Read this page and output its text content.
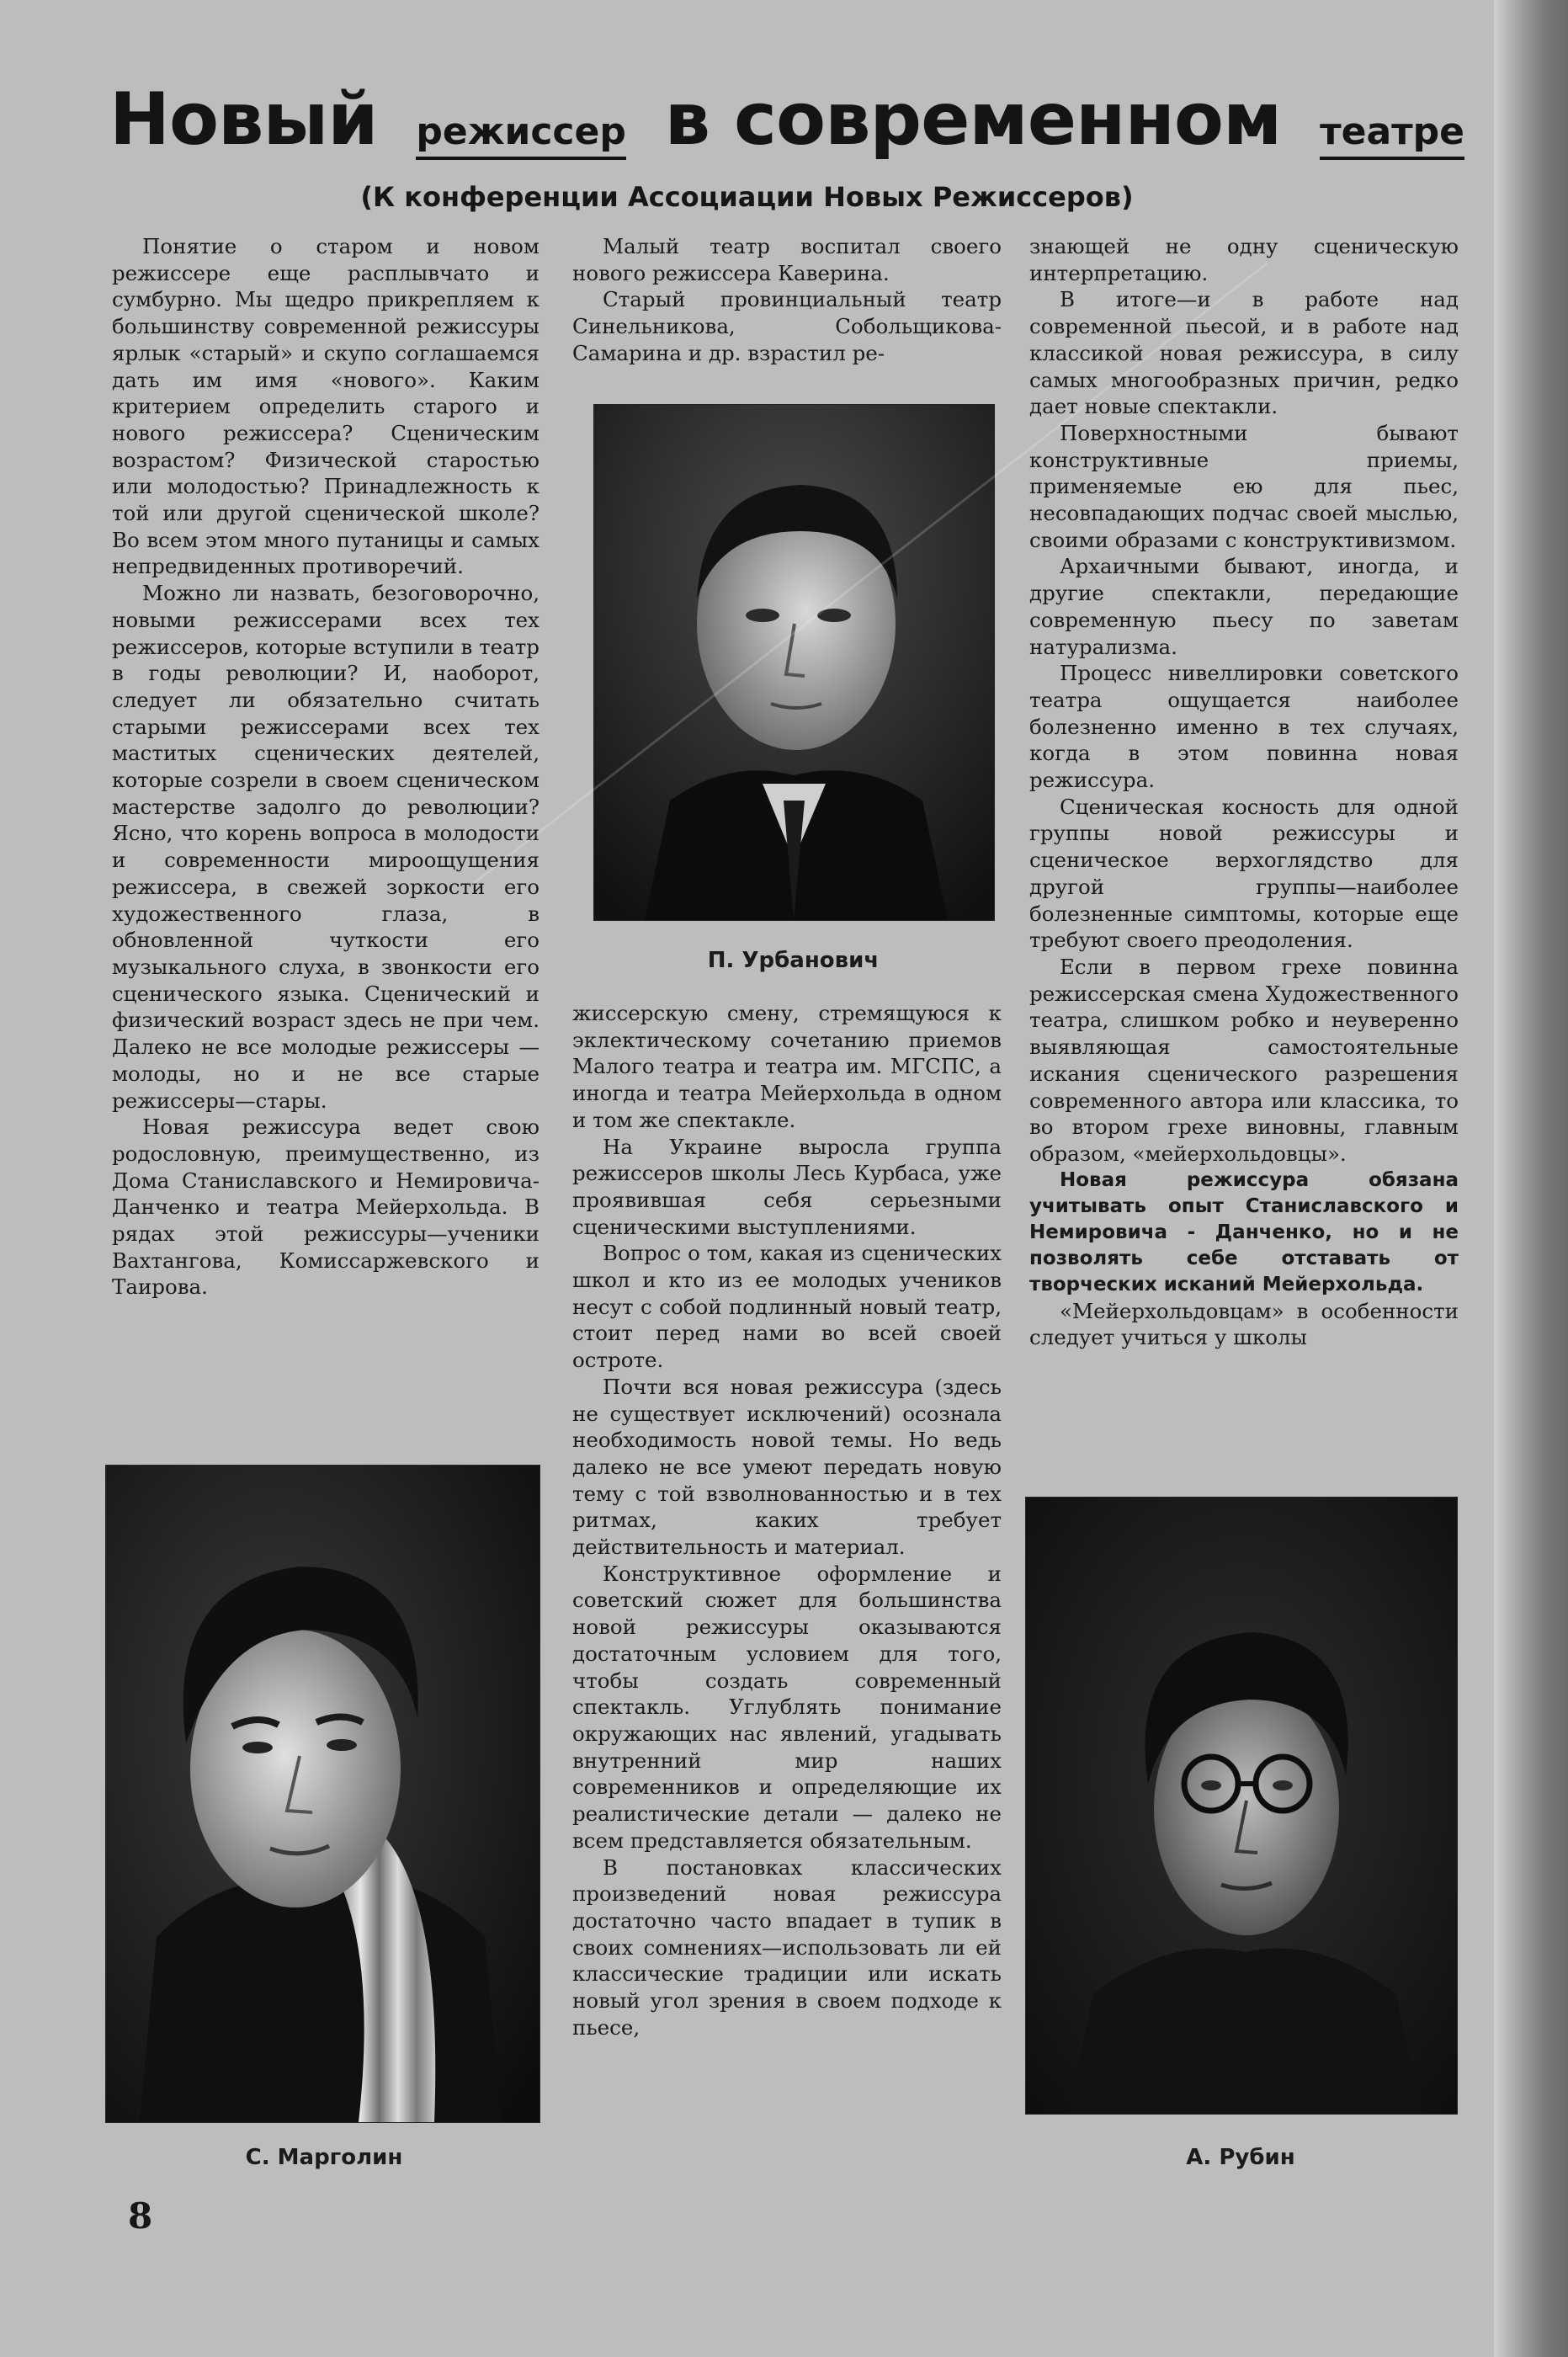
Новый режиссер в современном театре
(К конференции Ассоциации Новых Режиссеров)

Понятие о старом и новом режиссере еще расплывчато и сумбурно. Мы щедро прикрепляем к большинству современной режиссуры ярлык «старый» и скупо соглашаемся дать им имя «нового». Каким критерием определить старого и нового режиссера? Сценическим возрастом? Физической старостью или молодостью? Принадлежность к той или другой сценической школе? Во всем этом много путаницы и самых непредвиденных противоречий.

Можно ли назвать, безоговорочно, новыми режиссерами всех тех режиссеров, которые вступили в театр в годы революции? И, наоборот, следует ли обязательно считать старыми режиссерами всех тех маститых сценических деятелей, которые созрели в своем сценическом мастерстве задолго до революции? Ясно, что корень вопроса в молодости и современности мироощущения режиссера, в свежей зоркости его художественного глаза, в обновленной чуткости его музыкального слуха, в звонкости его сценического языка. Сценический и физический возраст здесь не при чем. Далеко не все молодые режиссеры — молоды, но и не все старые режиссеры—стары.

Новая режиссура ведет свою родословную, преимущественно, из Дома Станиславского и Немировича-Данченко и театра Мейерхольда. В рядах этой режиссуры—ученики Вахтангова, Комиссаржевского и Таирова.

Малый театр воспитал своего нового режиссера Каверина.

Старый провинциальный театр Синельникова, Собольщикова-Самарина и др. взрастил ре-

П. Урбанович

жиссерскую смену, стремящуюся к эклектическому сочетанию приемов Малого театра и театра им. МГСПС, а иногда и театра Мейерхольда в одном и том же спектакле.

На Украине выросла группа режиссеров школы Лесь Курбаса, уже проявившая себя серьезными сценическими выступлениями.

Вопрос о том, какая из сценических школ и кто из ее молодых учеников несут с собой подлинный новый театр, стоит перед нами во всей своей остроте.

Почти вся новая режиссура (здесь не существует исключений) осознала необходимость новой темы. Но ведь далеко не все умеют передать новую тему с той взволнованностью и в тех ритмах, каких требует действительность и материал.

Конструктивное оформление и советский сюжет для большинства новой режиссуры оказываются достаточным условием для того, чтобы создать современный спектакль. Углублять понимание окружающих нас явлений, угадывать внутренний мир наших современников и определяющие их реалистические детали — далеко не всем представляется обязательным.

В постановках классических произведений новая режиссура достаточно часто впадает в тупик в своих сомнениях—использовать ли ей классические традиции или искать новый угол зрения в своем подходе к пьесе,

знающей не одну сценическую интерпретацию.

В итоге—и в работе над современной пьесой, и в работе над классикой новая режиссура, в силу самых многообразных причин, редко дает новые спектакли.

Поверхностными бывают конструктивные приемы, применяемые ею для пьес, несовпадающих подчас своей мыслью, своими образами с конструктивизмом.

Архаичными бывают, иногда, и другие спектакли, передающие современную пьесу по заветам натурализма.

Процесс нивеллировки советского театра ощущается наиболее болезненно именно в тех случаях, когда в этом повинна новая режиссура.

Сценическая косность для одной группы новой режиссуры и сценическое верхоглядство для другой группы—наиболее болезненные симптомы, которые еще требуют своего преодоления.

Если в первом грехе повинна режиссерская смена Художественного театра, слишком робко и неуверенно выявляющая самостоятельные искания сценического разрешения современного автора или классика, то во втором грехе виновны, главным образом, «мейерхольдовцы».

Новая режиссура обязана учитывать опыт Станиславского и Немировича - Данченко, но и не позволять себе отставать от творческих исканий Мейерхольда.

«Мейерхольдовцам» в особенности следует учиться у школы

С. Марголин	А. Рубин
8
